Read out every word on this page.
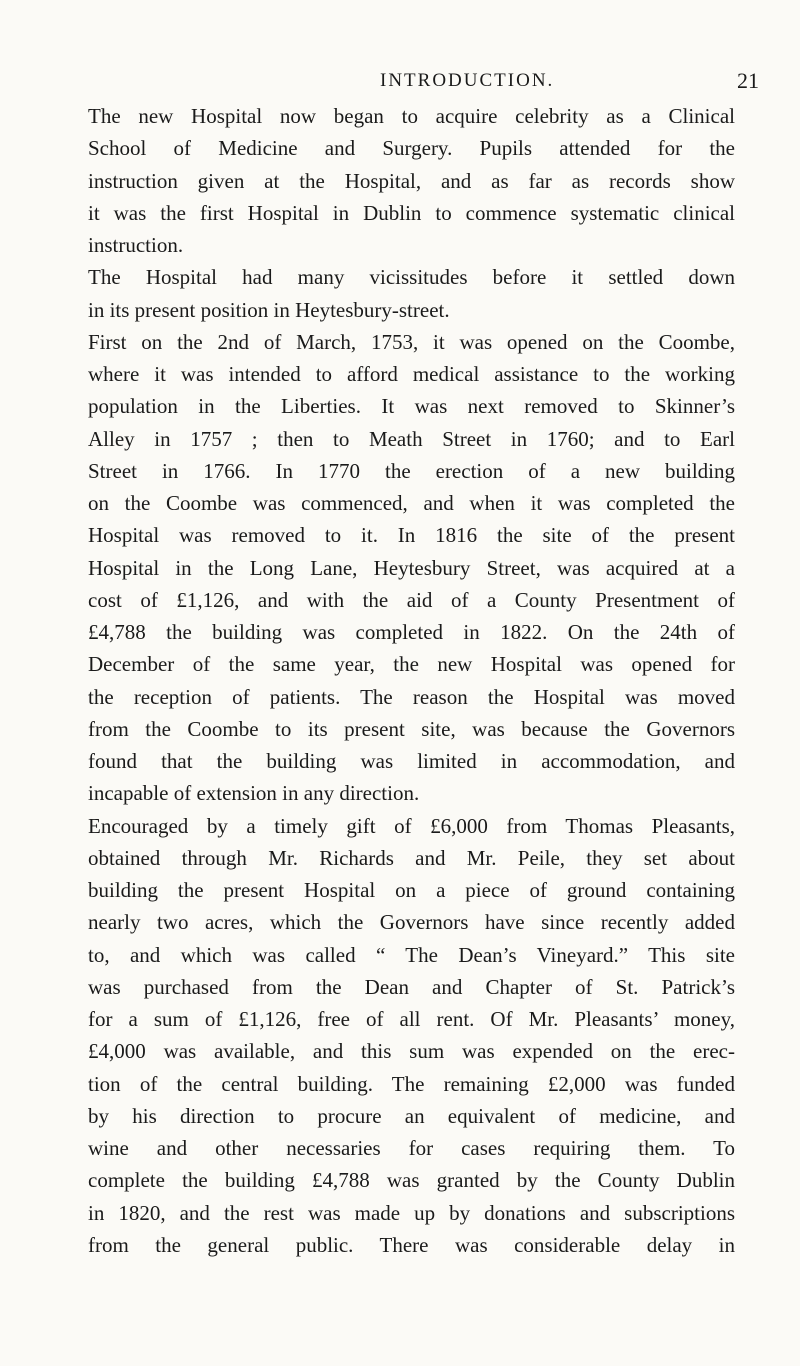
INTRODUCTION.	21
The new Hospital now began to acquire celebrity as a Clinical
School of Medicine and Surgery. Pupils attended for the
instruction given at the Hospital, and as far as records show
it was the first Hospital in Dublin to commence systematic clinical
instruction.
The Hospital had many vicissitudes before it settled down
in its present position in Heytesbury-street.
First on the 2nd of March, 1753, it was opened on the Coombe,
where it was intended to afford medical assistance to the working
population in the Liberties. It was next removed to Skinner’s
Alley in 1757 ; then to Meath Street in 1760; and to Earl
Street in 1766. In 1770 the erection of a new building
on the Coombe was commenced, and when it was completed the
Hospital was removed to it. In 1816 the site of the present
Hospital in the Long Lane, Heytesbury Street, was acquired at a
cost of £1,126, and with the aid of a County Presentment of
£4,788 the building was completed in 1822. On the 24th of
December of the same year, the new Hospital was opened for
the reception of patients. The reason the Hospital was moved
from the Coombe to its present site, was because the Governors
found that the building was limited in accommodation, and
incapable of extension in any direction.
Encouraged by a timely gift of £6,000 from Thomas Pleasants,
obtained through Mr. Richards and Mr. Peile, they set about
building the present Hospital on a piece of ground containing
nearly two acres, which the Governors have since recently added
to, and which was called “ The Dean’s Vineyard.” This site
was purchased from the Dean and Chapter of St. Patrick’s
for a sum of £1,126, free of all rent. Of Mr. Pleasants’ money,
£4,000 was available, and this sum was expended on the erec-
tion of the central building. The remaining £2,000 was funded
by his direction to procure an equivalent of medicine, and
wine and other necessaries for cases requiring them. To
complete the building £4,788 was granted by the County Dublin
in 1820, and the rest was made up by donations and subscriptions
from the general public. There was considerable delay in
